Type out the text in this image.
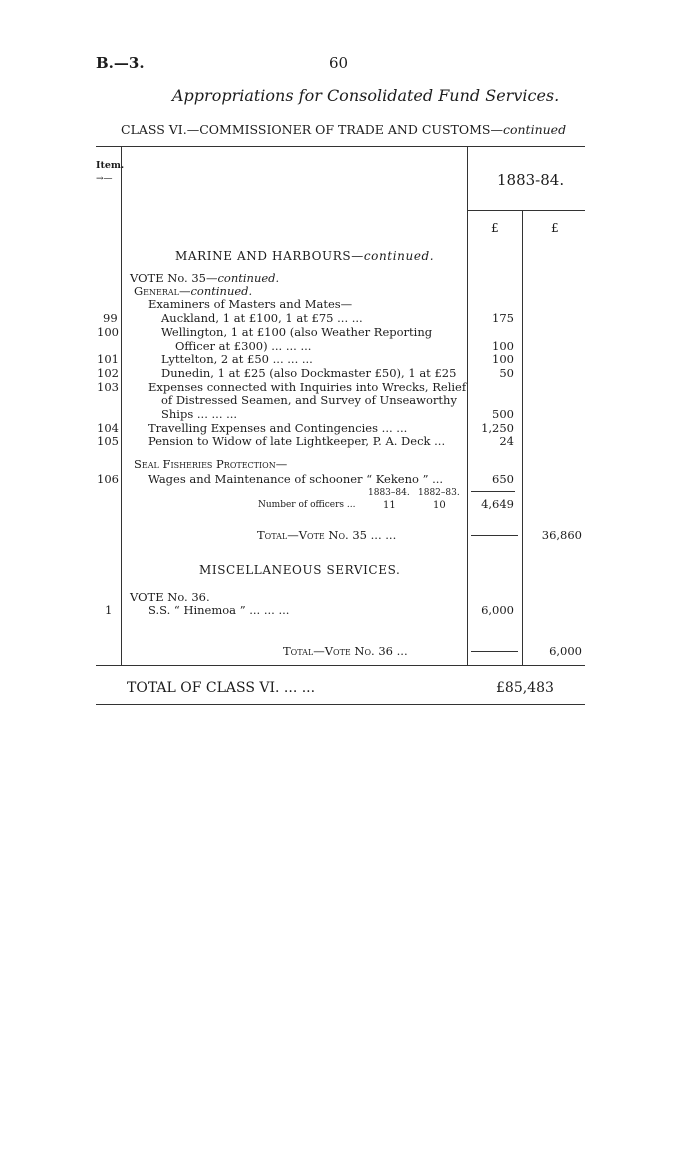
B.—3.	60
Appropriations for Consolidated Fund Services.
CLASS VI.—COMMISSIONER OF TRADE AND CUSTOMS—continued
Item.
→—	1883-84.
£	£
MARINE AND HARBOURS—continued.
VOTE No. 35—continued.
General—continued.
Examiners of Masters and Mates—
99	Auckland, 1 at £100, 1 at £75 ... ...	175
100	Wellington, 1 at £100 (also Weather Reporting
Officer at £300) ... ... ...	100
101	Lyttelton, 2 at £50 ... ... ...	100
102	Dunedin, 1 at £25 (also Dockmaster £50), 1 at £25	50
103	Expenses connected with Inquiries into Wrecks, Relief
of Distressed Seamen, and Survey of Unseaworthy
Ships ... ... ...	500
104	Travelling Expenses and Contingencies ... ...	1,250
105	Pension to Widow of late Lightkeeper, P. A. Deck ...	24
Seal Fisheries Protection—
106	Wages and Maintenance of schooner “ Kekeno ” ...	650
1883–84. 1882–83.
Number of officers ...	11	10	4,649
Total—Vote No. 35 ... ...	36,860
MISCELLANEOUS SERVICES.
VOTE No. 36.
1	S.S. “ Hinemoa ” ... ... ...	6,000
Total—Vote No. 36 ...	6,000
TOTAL OF CLASS VI. ... ...	£85,483
